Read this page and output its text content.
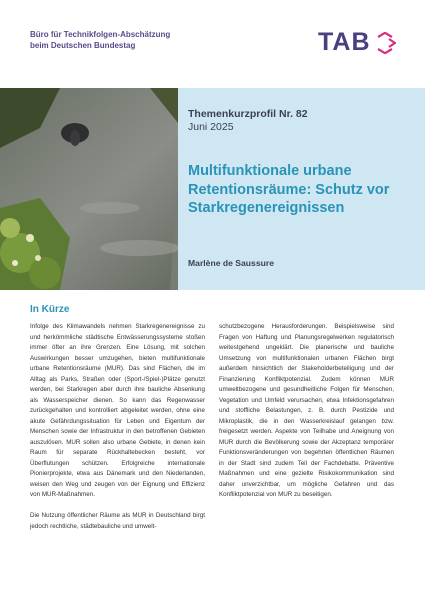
Büro für Technikfolgen-Abschätzung
beim Deutschen Bundestag	TAB
Themenkurzprofil Nr. 82
Juni 2025
Multifunktionale urbane Retentionsräume: Schutz vor Starkregenereignissen
Marlène de Saussure
In Kürze

Infolge des Klimawandels nehmen Starkregenereignisse zu und herkömmliche städtische Entwässerungssysteme stoßen immer öfter an ihre Grenzen. Eine Lösung, mit solchen Auswirkungen besser umzugehen, bieten multifunktionale urbane Retentionsräume (MUR). Das sind Flächen, die im Alltag als Parks, Straßen oder (Sport-/Spiel-)Plätze genutzt werden, bei Starkregen aber durch ihre bauliche Absenkung als Wasserspeicher dienen. So kann das Regenwasser zurückgehalten und kontrolliert abgeleitet werden, ohne eine akute Gefährdungssituation für Leben und Eigentum der Menschen sowie der Infrastruktur in den betroffenen Gebieten auszulösen. MUR sollen also urbane Gebiete, in denen kein Raum für separate Rückhaltebecken besteht, vor Überflutungen schützen. Erfolgreiche internationale Pionierprojekte, etwa aus Dänemark und den Niederlanden, weisen den Weg und zeugen von der Eignung und Effizienz von MUR-Maßnahmen.

Die Nutzung öffentlicher Räume als MUR in Deutschland birgt jedoch rechtliche, städtebauliche und umwelt-

schutzbezogene Herausforderungen. Beispielsweise sind Fragen von Haftung und Planungsregelwerken regulatorisch weitestgehend ungeklärt. Die planerische und bauliche Umsetzung von multifunktionalen urbanen Flächen birgt außerdem hinsichtlich der Stakeholderbeteiligung und der Finanzierung Konfliktpotenzial. Zudem können MUR umweltbezogene und gesundheitliche Folgen für Menschen, Vegetation und Umfeld verursachen, etwa Infektionsgefahren und stoffliche Belastungen, z. B. durch Pestizide und Mikroplastik, die in den Wasserkreislauf gelangen bzw. freigesetzt werden. Aspekte von Teilhabe und Aneignung von MUR durch die Bevölkerung sowie der Akzeptanz temporärer Funktionsveränderungen von begehrten öffentlichen Räumen in der Stadt sind zudem Teil der Fachdebatte. Präventive Maßnahmen und eine gezielte Risikokommunikation sind daher unverzichtbar, um mögliche Gefahren und das Konfliktpotenzial von MUR zu beseitigen.
